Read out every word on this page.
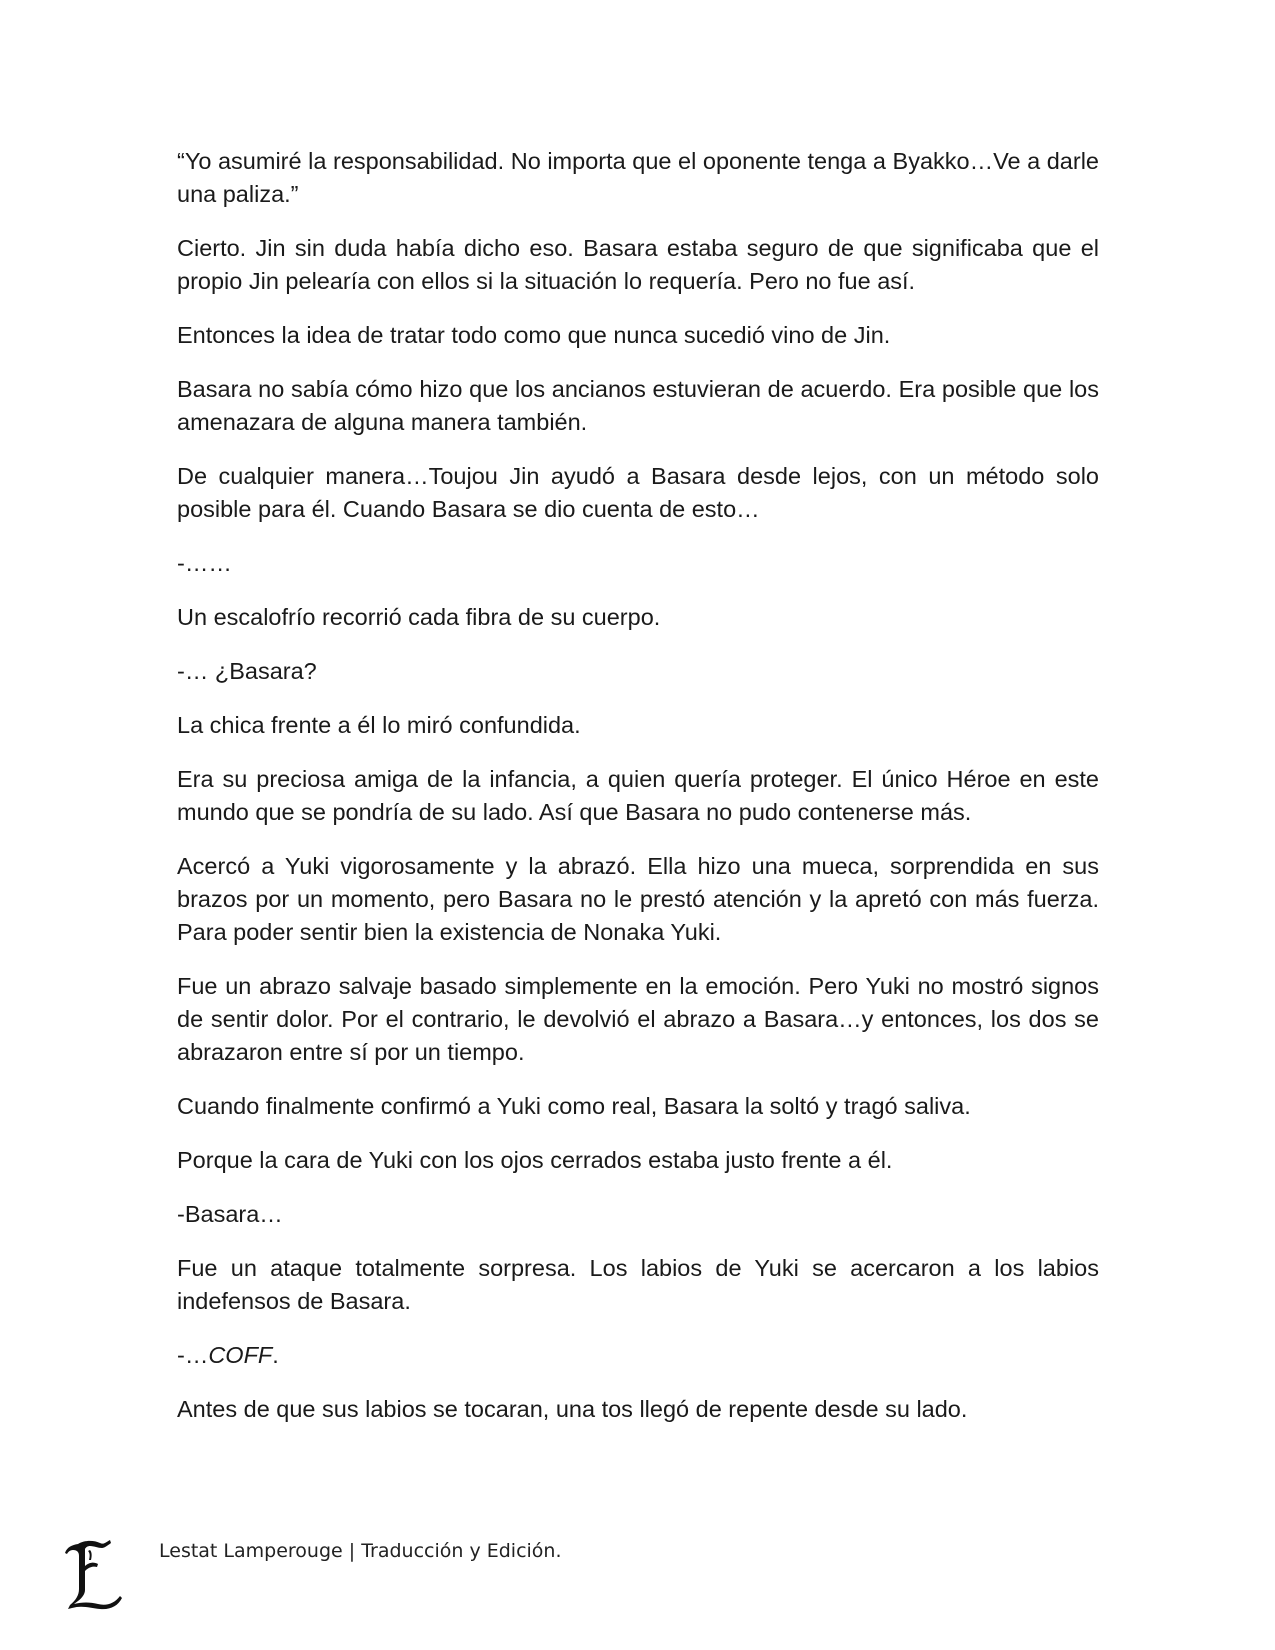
“Yo asumiré la responsabilidad. No importa que el oponente tenga a Byakko…Ve a darle una paliza.”

Cierto. Jin sin duda había dicho eso. Basara estaba seguro de que significaba que el propio Jin pelearía con ellos si la situación lo requería. Pero no fue así.

Entonces la idea de tratar todo como que nunca sucedió vino de Jin.

Basara no sabía cómo hizo que los ancianos estuvieran de acuerdo. Era posible que los amenazara de alguna manera también.

De cualquier manera…Toujou Jin ayudó a Basara desde lejos, con un método solo posible para él. Cuando Basara se dio cuenta de esto…

-……

Un escalofrío recorrió cada fibra de su cuerpo.

-… ¿Basara?

La chica frente a él lo miró confundida.

Era su preciosa amiga de la infancia, a quien quería proteger. El único Héroe en este mundo que se pondría de su lado. Así que Basara no pudo contenerse más.

Acercó a Yuki vigorosamente y la abrazó. Ella hizo una mueca, sorprendida en sus brazos por un momento, pero Basara no le prestó atención y la apretó con más fuerza. Para poder sentir bien la existencia de Nonaka Yuki.

Fue un abrazo salvaje basado simplemente en la emoción. Pero Yuki no mostró signos de sentir dolor. Por el contrario, le devolvió el abrazo a Basara…y entonces, los dos se abrazaron entre sí por un tiempo.

Cuando finalmente confirmó a Yuki como real, Basara la soltó y tragó saliva.

Porque la cara de Yuki con los ojos cerrados estaba justo frente a él.

-Basara…

Fue un ataque totalmente sorpresa. Los labios de Yuki se acercaron a los labios indefensos de Basara.

-…COFF.

Antes de que sus labios se tocaran, una tos llegó de repente desde su lado.

Lestat Lamperouge | Traducción y Edición.
